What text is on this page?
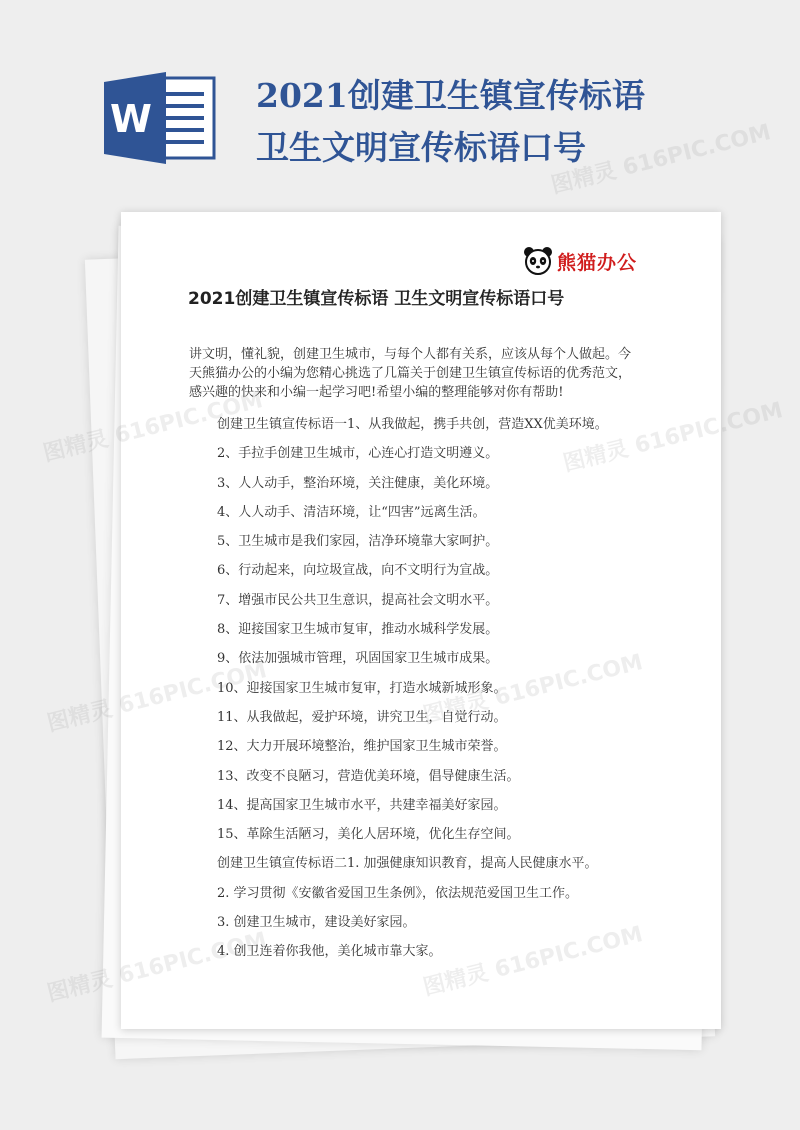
W
2021创建卫生镇宣传标语
卫生文明宣传标语口号
熊猫办公
2021创建卫生镇宣传标语 卫生文明宣传标语口号
讲文明，懂礼貌，创建卫生城市，与每个人都有关系，应该从每个人做起。今天熊猫办公的小编为您精心挑选了几篇关于创建卫生镇宣传标语的优秀范文，感兴趣的快来和小编一起学习吧!希望小编的整理能够对你有帮助!
创建卫生镇宣传标语一1、从我做起，携手共创，营造XX优美环境。
2、手拉手创建卫生城市，心连心打造文明遵义。
3、人人动手，整治环境，关注健康，美化环境。
4、人人动手、清洁环境，让“四害”远离生活。
5、卫生城市是我们家园，洁净环境靠大家呵护。
6、行动起来，向垃圾宣战，向不文明行为宣战。
7、增强市民公共卫生意识，提高社会文明水平。
8、迎接国家卫生城市复审，推动水城科学发展。
9、依法加强城市管理，巩固国家卫生城市成果。
10、迎接国家卫生城市复审，打造水城新城形象。
11、从我做起，爱护环境，讲究卫生，自觉行动。
12、大力开展环境整治，维护国家卫生城市荣誉。
13、改变不良陋习，营造优美环境，倡导健康生活。
14、提高国家卫生城市水平，共建幸福美好家园。
15、革除生活陋习，美化人居环境，优化生存空间。
创建卫生镇宣传标语二1. 加强健康知识教育，提高人民健康水平。
2. 学习贯彻《安徽省爱国卫生条例》，依法规范爱国卫生工作。
3. 创建卫生城市，建设美好家园。
4. 创卫连着你我他，美化城市靠大家。
图精灵 616PIC.COM
图精灵
图精灵
图精灵
